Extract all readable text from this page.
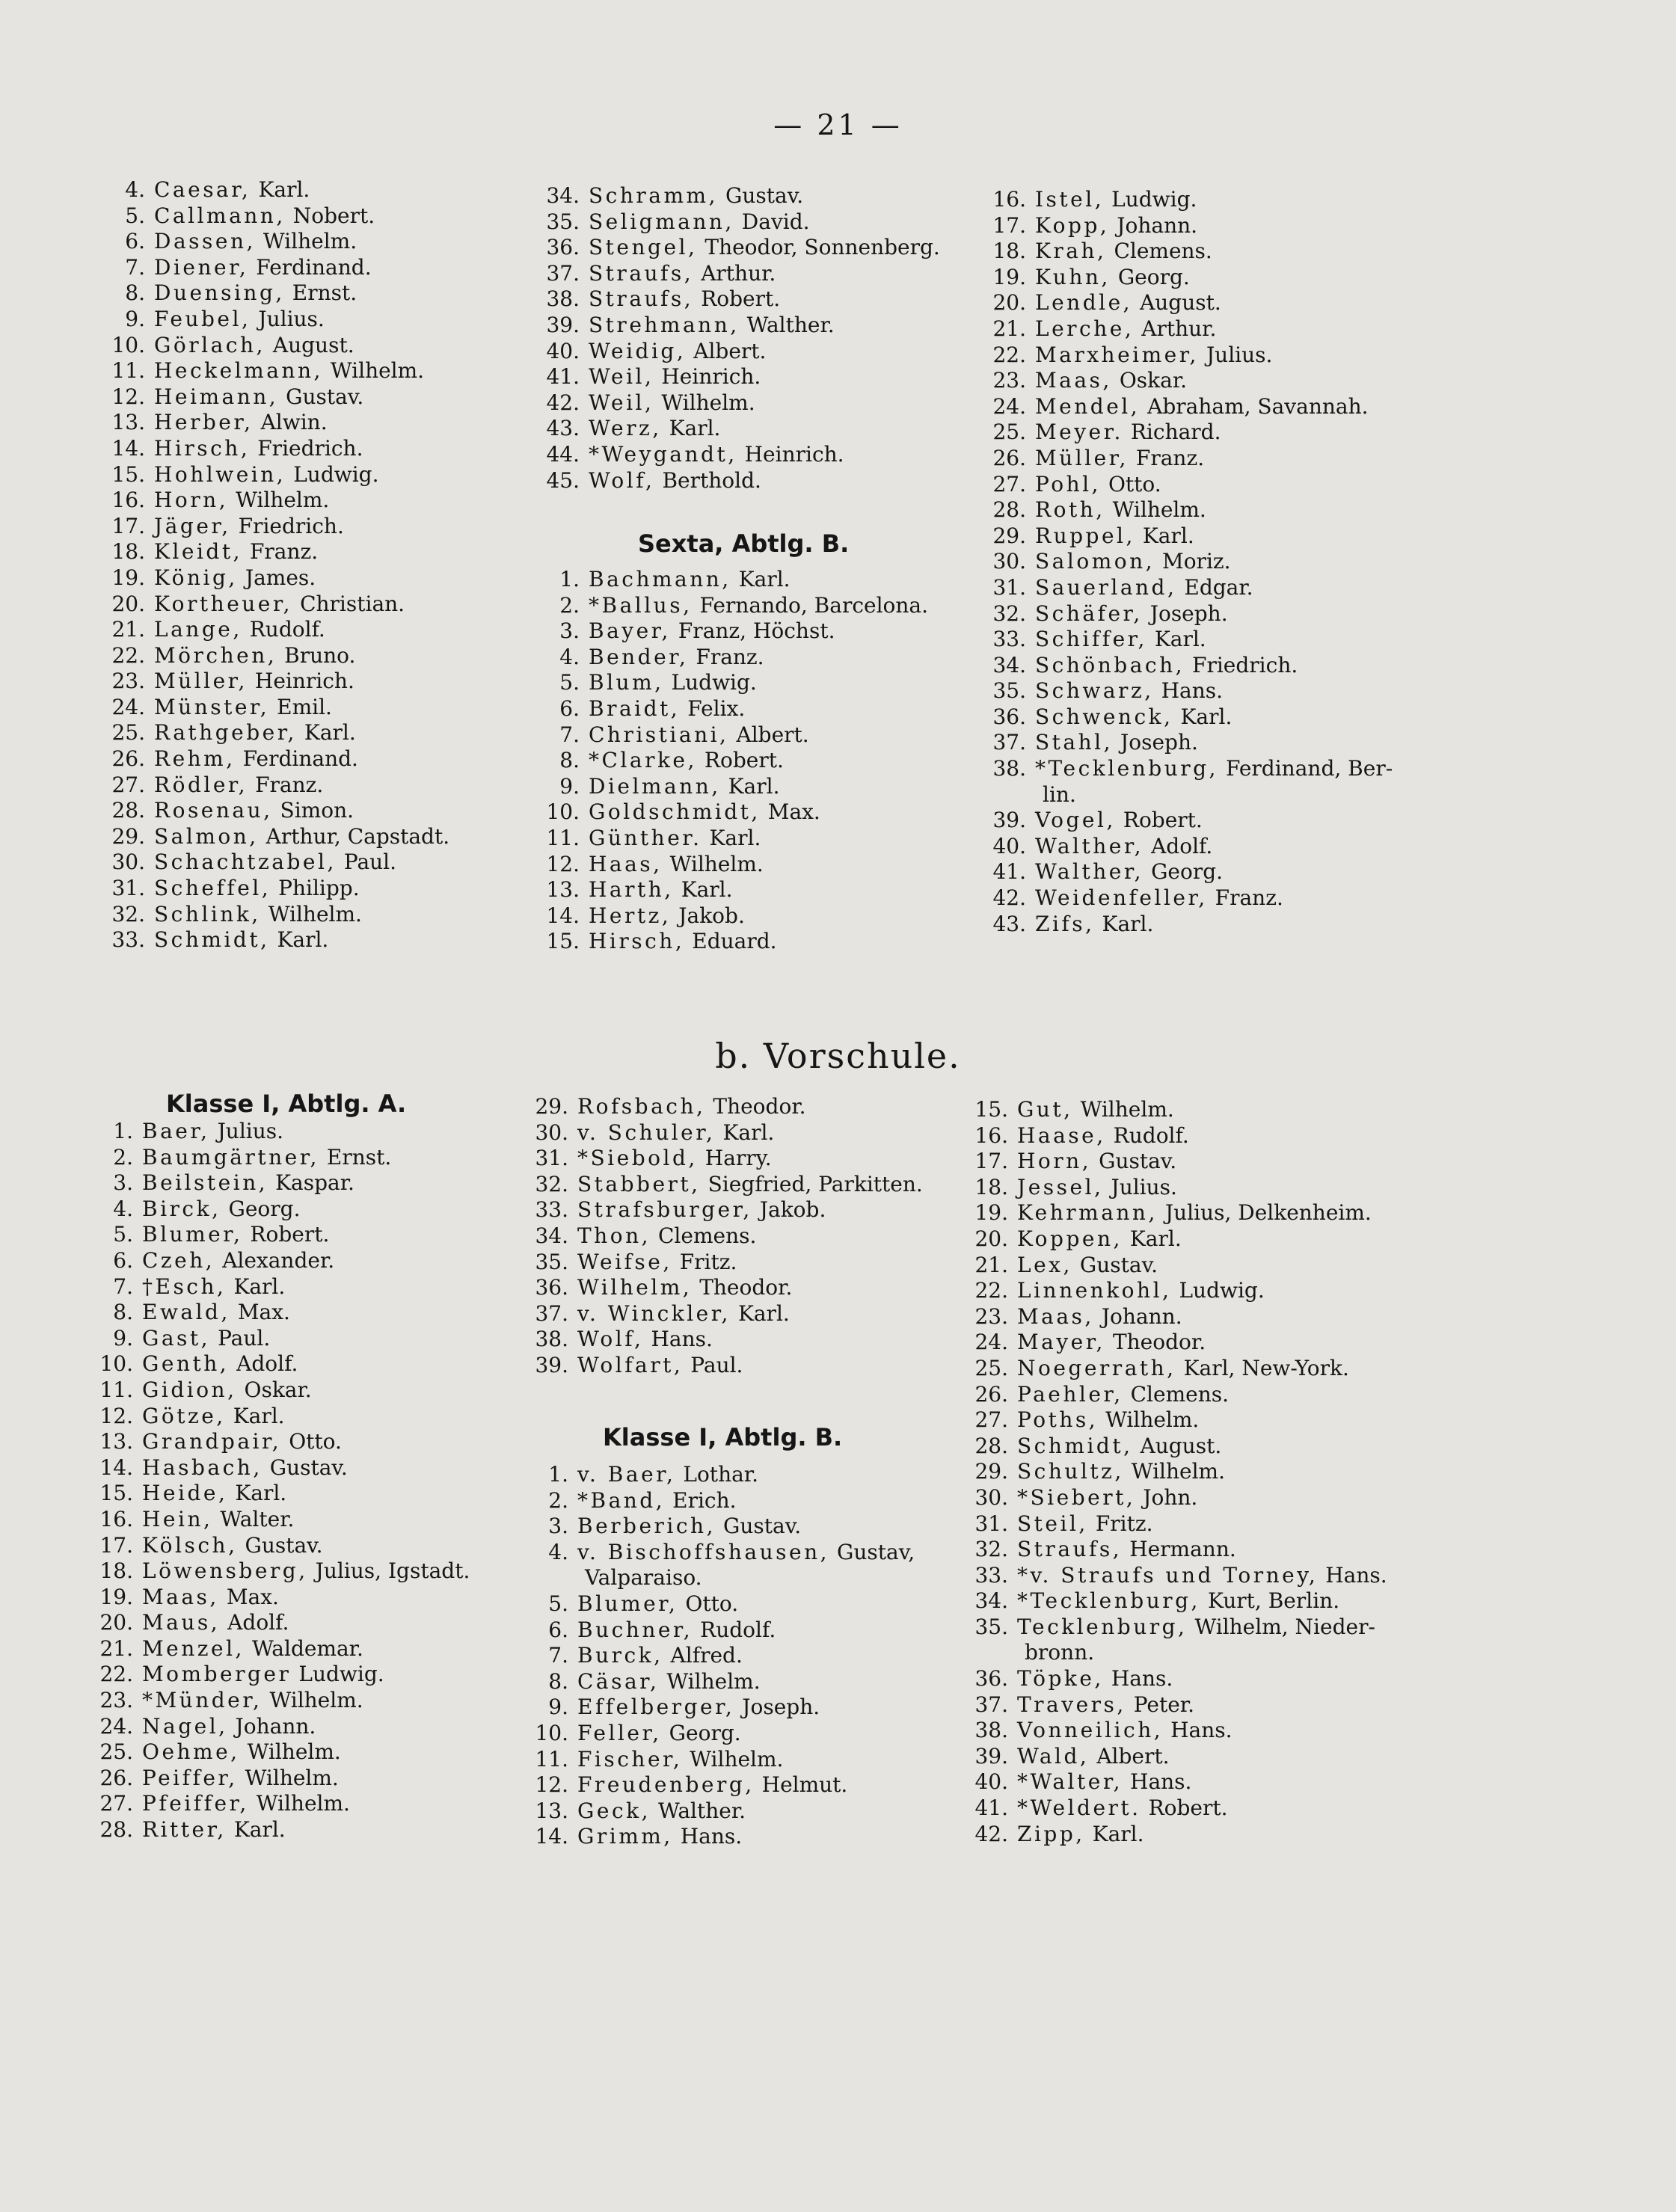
— 21 —
4. Caesar, Karl.
5. Callmann, Nobert.
6. Dassen, Wilhelm.
7. Diener, Ferdinand.
8. Duensing, Ernst.
9. Feubel, Julius.
10. Görlach, August.
11. Heckelmann, Wilhelm.
12. Heimann, Gustav.
13. Herber, Alwin.
14. Hirsch, Friedrich.
15. Hohlwein, Ludwig.
16. Horn, Wilhelm.
17. Jäger, Friedrich.
18. Kleidt, Franz.
19. König, James.
20. Kortheuer, Christian.
21. Lange, Rudolf.
22. Mörchen, Bruno.
23. Müller, Heinrich.
24. Münster, Emil.
25. Rathgeber, Karl.
26. Rehm, Ferdinand.
27. Rödler, Franz.
28. Rosenau, Simon.
29. Salmon, Arthur, Capstadt.
30. Schachtzabel, Paul.
31. Scheffel, Philipp.
32. Schlink, Wilhelm.
33. Schmidt, Karl.
34. Schramm, Gustav.
35. Seligmann, David.
36. Stengel, Theodor, Sonnenberg.
37. Straufs, Arthur.
38. Straufs, Robert.
39. Strehmann, Walther.
40. Weidig, Albert.
41. Weil, Heinrich.
42. Weil, Wilhelm.
43. Werz, Karl.
44. *Weygandt, Heinrich.
45. Wolf, Berthold.
Sexta, Abtlg. B.
1. Bachmann, Karl.
2. *Ballus, Fernando, Barcelona.
3. Bayer, Franz, Höchst.
4. Bender, Franz.
5. Blum, Ludwig.
6. Braidt, Felix.
7. Christiani, Albert.
8. *Clarke, Robert.
9. Dielmann, Karl.
10. Goldschmidt, Max.
11. Günther. Karl.
12. Haas, Wilhelm.
13. Harth, Karl.
14. Hertz, Jakob.
15. Hirsch, Eduard.
16. Istel, Ludwig.
17. Kopp, Johann.
18. Krah, Clemens.
19. Kuhn, Georg.
20. Lendle, August.
21. Lerche, Arthur.
22. Marxheimer, Julius.
23. Maas, Oskar.
24. Mendel, Abraham, Savannah.
25. Meyer. Richard.
26. Müller, Franz.
27. Pohl, Otto.
28. Roth, Wilhelm.
29. Ruppel, Karl.
30. Salomon, Moriz.
31. Sauerland, Edgar.
32. Schäfer, Joseph.
33. Schiffer, Karl.
34. Schönbach, Friedrich.
35. Schwarz, Hans.
36. Schwenck, Karl.
37. Stahl, Joseph.
38. *Tecklenburg, Ferdinand, Ber-
lin.
39. Vogel, Robert.
40. Walther, Adolf.
41. Walther, Georg.
42. Weidenfeller, Franz.
43. Zifs, Karl.
b. Vorschule.
Klasse I, Abtlg. A.
1. Baer, Julius.
2. Baumgärtner, Ernst.
3. Beilstein, Kaspar.
4. Birck, Georg.
5. Blumer, Robert.
6. Czeh, Alexander.
7. †Esch, Karl.
8. Ewald, Max.
9. Gast, Paul.
10. Genth, Adolf.
11. Gidion, Oskar.
12. Götze, Karl.
13. Grandpair, Otto.
14. Hasbach, Gustav.
15. Heide, Karl.
16. Hein, Walter.
17. Kölsch, Gustav.
18. Löwensberg, Julius, Igstadt.
19. Maas, Max.
20. Maus, Adolf.
21. Menzel, Waldemar.
22. Momberger Ludwig.
23. *Münder, Wilhelm.
24. Nagel, Johann.
25. Oehme, Wilhelm.
26. Peiffer, Wilhelm.
27. Pfeiffer, Wilhelm.
28. Ritter, Karl.
29. Rofsbach, Theodor.
30. v. Schuler, Karl.
31. *Siebold, Harry.
32. Stabbert, Siegfried, Parkitten.
33. Strafsburger, Jakob.
34. Thon, Clemens.
35. Weifse, Fritz.
36. Wilhelm, Theodor.
37. v. Winckler, Karl.
38. Wolf, Hans.
39. Wolfart, Paul.
Klasse I, Abtlg. B.
1. v. Baer, Lothar.
2. *Band, Erich.
3. Berberich, Gustav.
4. v. Bischoffshausen, Gustav,
Valparaiso.
5. Blumer, Otto.
6. Buchner, Rudolf.
7. Burck, Alfred.
8. Cäsar, Wilhelm.
9. Effelberger, Joseph.
10. Feller, Georg.
11. Fischer, Wilhelm.
12. Freudenberg, Helmut.
13. Geck, Walther.
14. Grimm, Hans.
15. Gut, Wilhelm.
16. Haase, Rudolf.
17. Horn, Gustav.
18. Jessel, Julius.
19. Kehrmann, Julius, Delkenheim.
20. Koppen, Karl.
21. Lex, Gustav.
22. Linnenkohl, Ludwig.
23. Maas, Johann.
24. Mayer, Theodor.
25. Noegerrath, Karl, New-York.
26. Paehler, Clemens.
27. Poths, Wilhelm.
28. Schmidt, August.
29. Schultz, Wilhelm.
30. *Siebert, John.
31. Steil, Fritz.
32. Straufs, Hermann.
33. *v. Straufs und Torney, Hans.
34. *Tecklenburg, Kurt, Berlin.
35. Tecklenburg, Wilhelm, Nieder-
bronn.
36. Töpke, Hans.
37. Travers, Peter.
38. Vonneilich, Hans.
39. Wald, Albert.
40. *Walter, Hans.
41. *Weldert. Robert.
42. Zipp, Karl.
